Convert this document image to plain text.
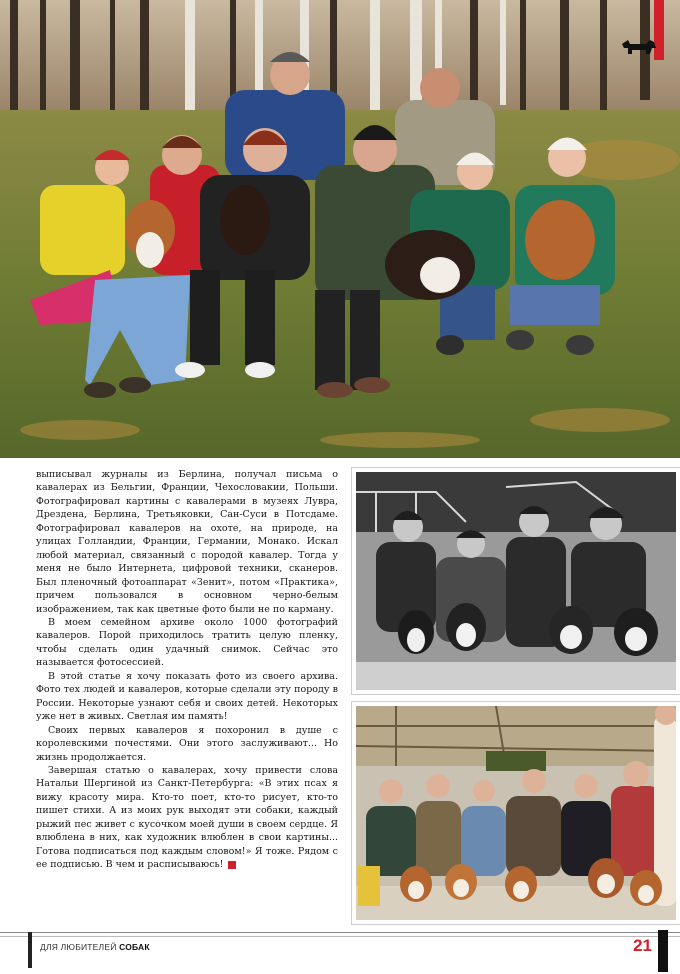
выписывал журналы из Берлина, получал письма о кавалерах из Бельгии, Франции, Чехословакии, Польши. Фотографировал картины с кавалерами в музеях Лувра, Дрездена, Берлина, Третьяковки, Сан-Суси в Потсдаме. Фотографировал кавалеров на охоте, на природе, на улицах Голландии, Франции, Германии, Монако. Искал любой материал, связанный с породой кавалер. Тогда у меня не было Интернета, цифровой техники, сканеров. Был пленочный фотоаппарат «Зенит», потом «Практика», причем пользовался в основном черно-белым изображением, так как цветные фото были не по карману.

В моем семейном архиве около 1000 фотографий кавалеров. Порой приходилось тратить целую пленку, чтобы сделать один удачный снимок. Сейчас это называется фотосессией.

В этой статье я хочу показать фото из своего архива. Фото тех людей и кавалеров, которые сделали эту породу в России. Некоторые узнают себя и своих детей. Некоторых уже нет в живых. Светлая им память!

Своих первых кавалеров я похоронил в душе с королевскими почестями. Они этого заслуживают... Но жизнь продолжается.

Завершая статью о кавалерах, хочу привести слова Натальи Шергиной из Санкт-Петербурга: «В этих псах я вижу красоту мира. Кто-то поет, кто-то рисует, кто-то пишет стихи. А из моих рук выходят эти собаки, каждый рыжий пес живет с кусочком моей души в своем сердце. Я влюблена в них, как художник влюблен в свои картины... Готова подписаться под каждым словом!» Я тоже. Рядом с ее подписью. В чем и расписываюсь!

ДЛЯ ЛЮБИТЕЛЕЙ СОБАК	21
